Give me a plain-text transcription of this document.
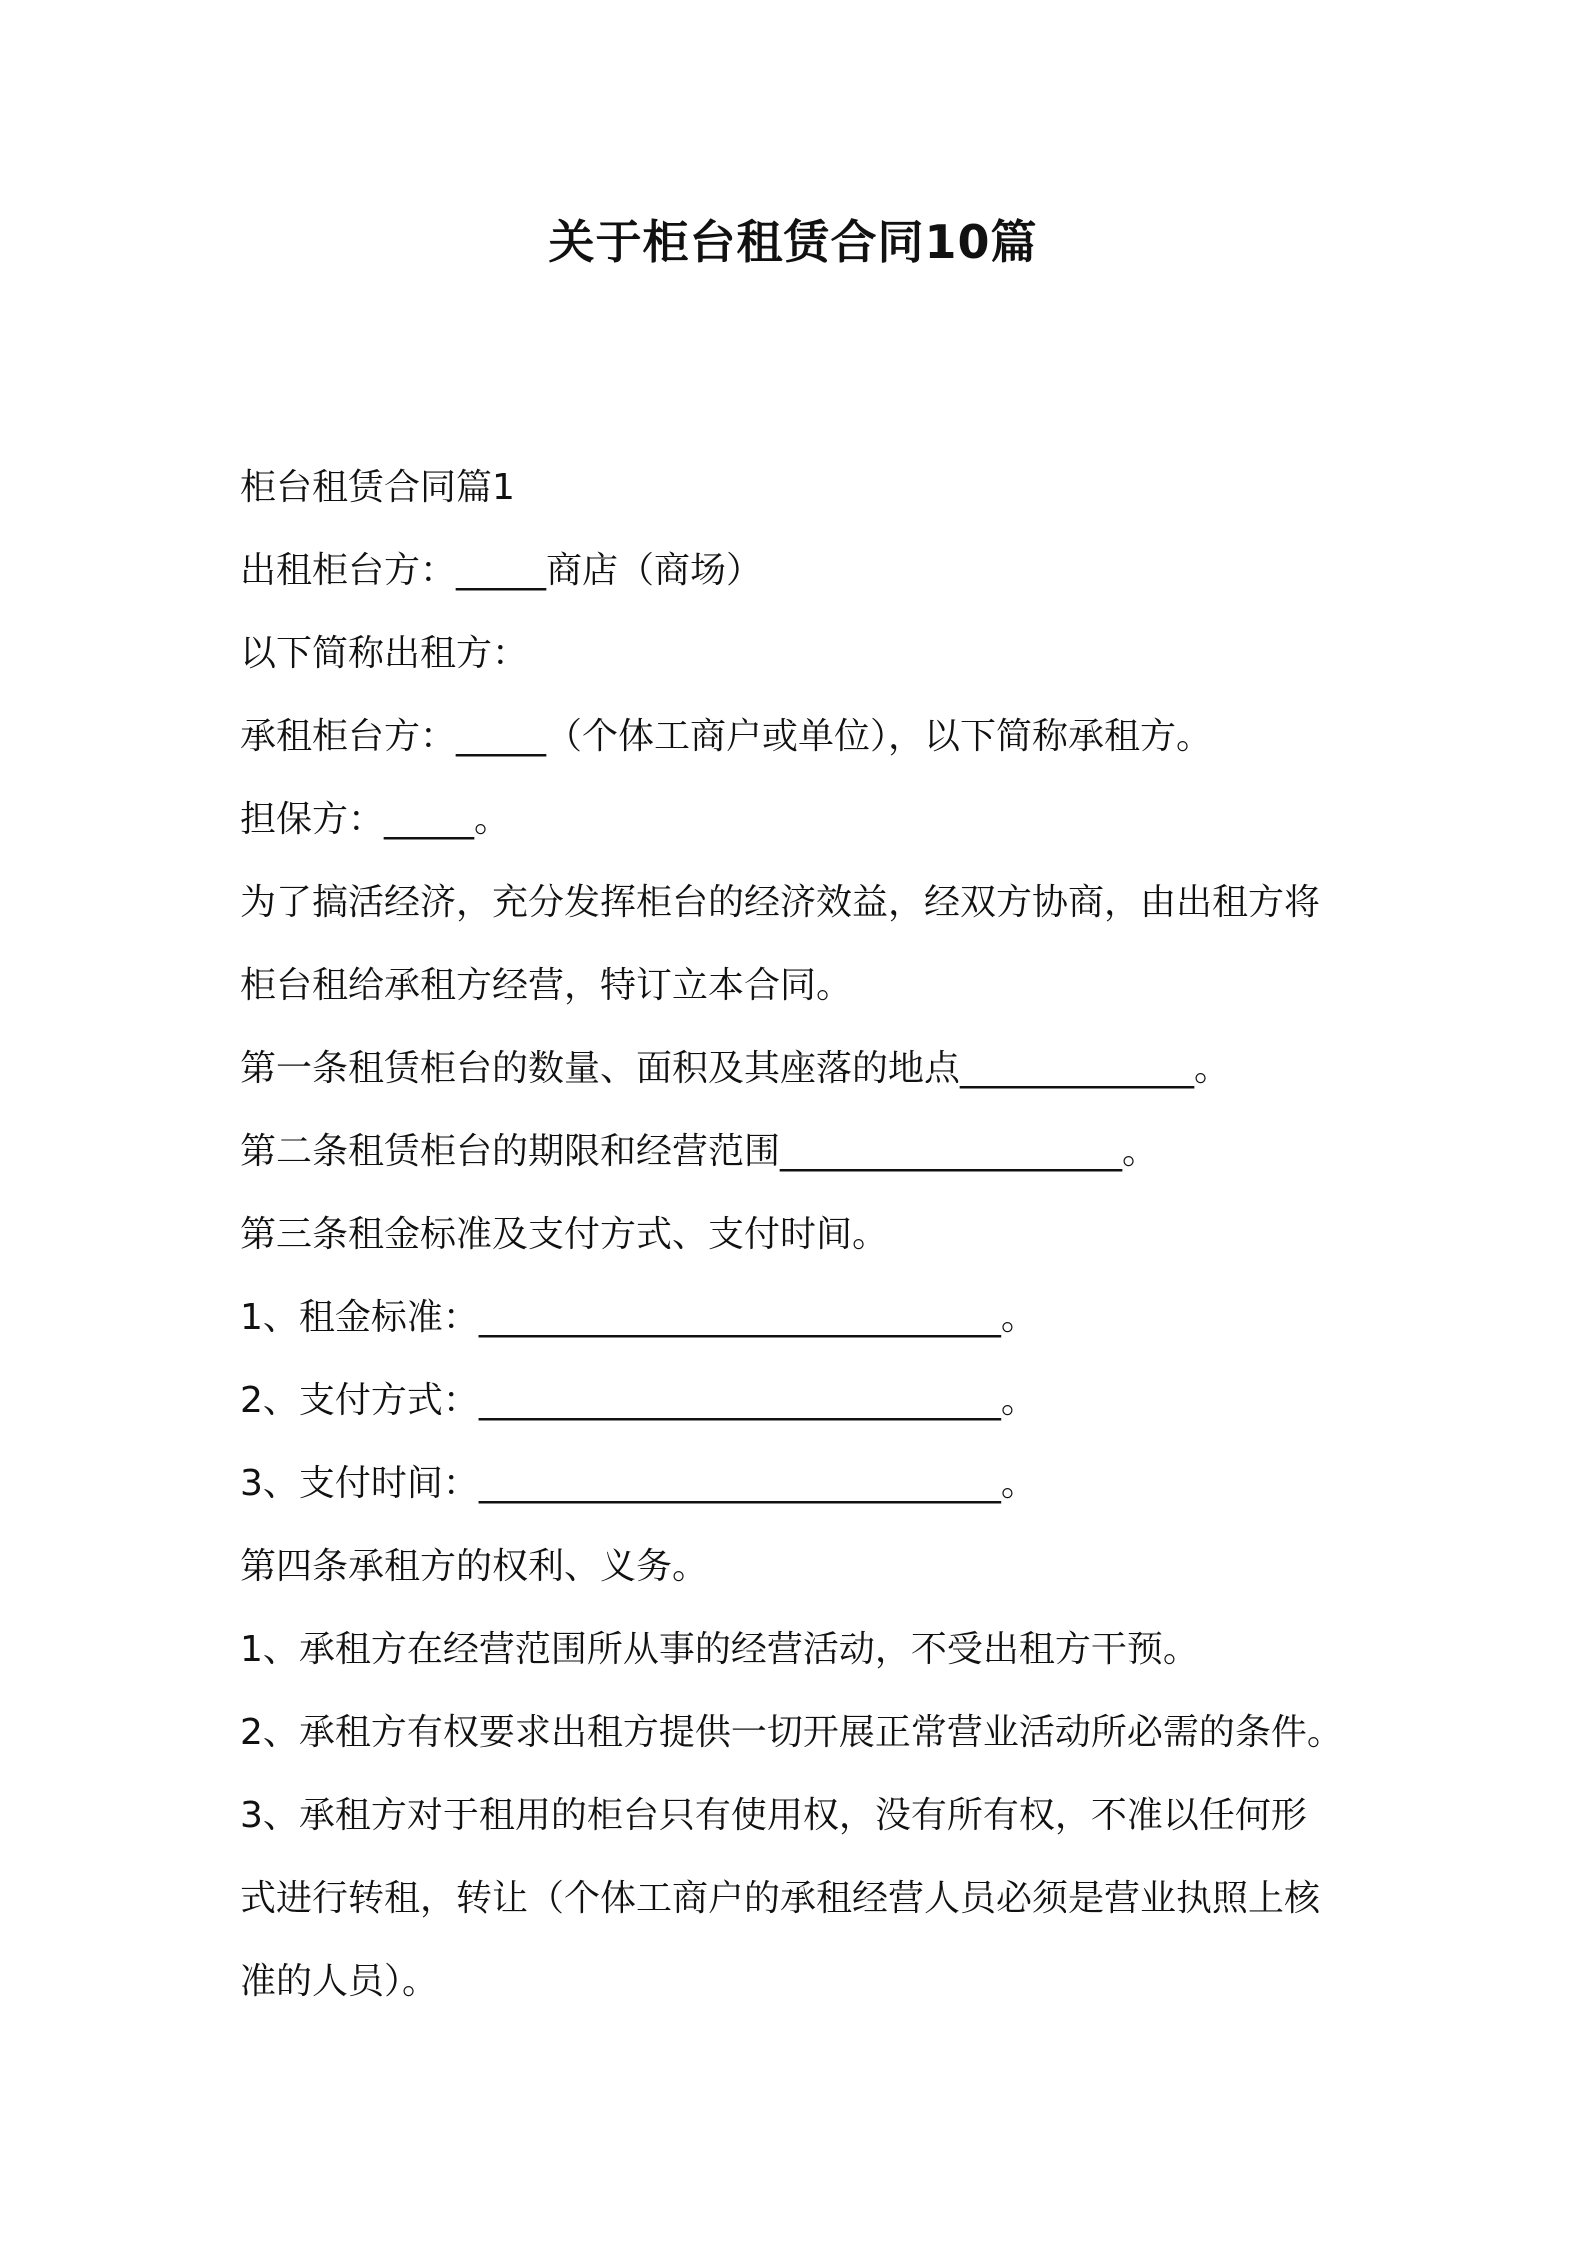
关于柜台租赁合同10篇

柜台租赁合同篇1

出租柜台方：_____商店（商场）

以下简称出租方：

承租柜台方：_____（个体工商户或单位），以下简称承租方。

担保方：_____。

为了搞活经济，充分发挥柜台的经济效益，经双方协商，由出租方将

柜台租给承租方经营，特订立本合同。

第一条租赁柜台的数量、面积及其座落的地点_____________。

第二条租赁柜台的期限和经营范围___________________。

第三条租金标准及支付方式、支付时间。

1、租金标准：_____________________________。

2、支付方式：_____________________________。

3、支付时间：_____________________________。

第四条承租方的权利、义务。

1、承租方在经营范围所从事的经营活动，不受出租方干预。

2、承租方有权要求出租方提供一切开展正常营业活动所必需的条件。

3、承租方对于租用的柜台只有使用权，没有所有权，不准以任何形

式进行转租，转让（个体工商户的承租经营人员必须是营业执照上核

准的人员）。
